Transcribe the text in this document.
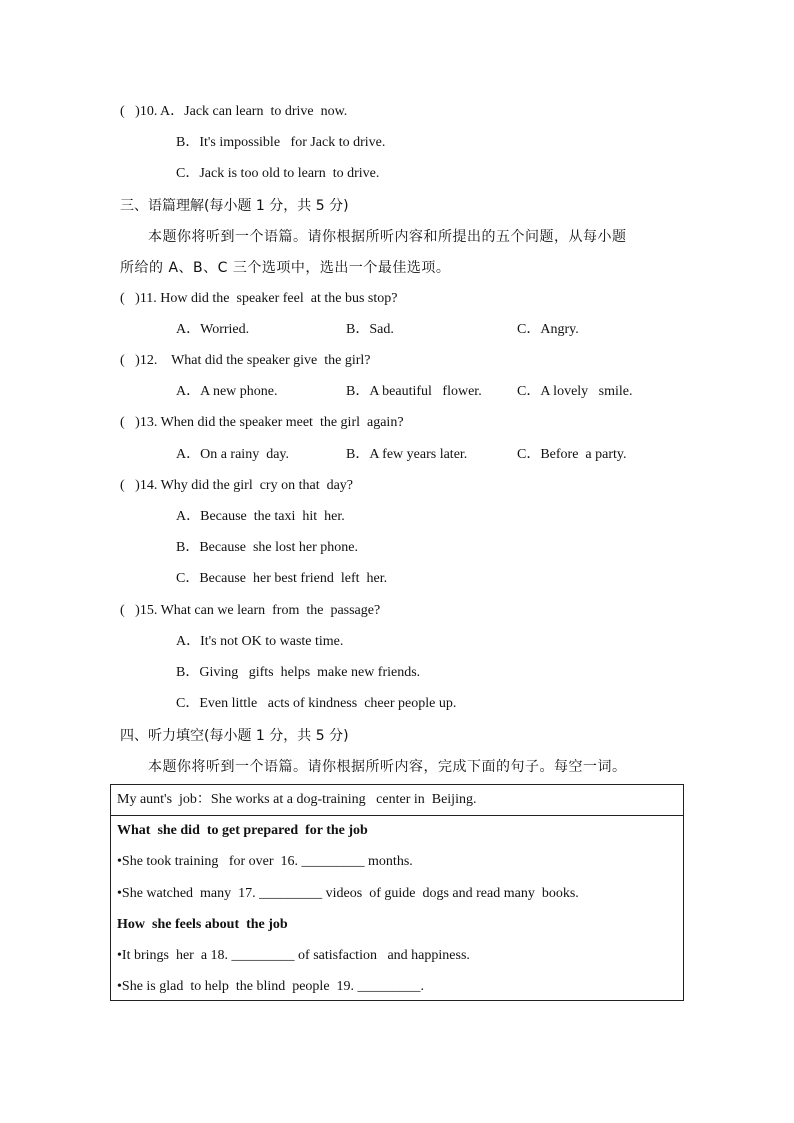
(   )10. A．Jack can learn  to drive  now.
B．It's impossible   for Jack to drive.
C．Jack is too old to learn  to drive.
三、语篇理解(每小题 1 分，共 5 分)
本题你将听到一个语篇。请你根据所听内容和所提出的五个问题，从每小题
所给的 A、B、C 三个选项中，选出一个最佳选项。
(   )11. How did the  speaker feel  at the bus stop?
A．Worried.	B．Sad.	C．Angry.
(   )12.    What did the speaker give  the girl?
A．A new phone.	B．A beautiful   flower.	C．A lovely   smile.
(   )13. When did the speaker meet  the girl  again?
A．On a rainy  day.	B．A few years later.	C．Before  a party.
(   )14. Why did the girl  cry on that  day?
A．Because  the taxi  hit  her.
B．Because  she lost her phone.
C．Because  her best friend  left  her.
(   )15. What can we learn  from  the  passage?
A．It's not OK to waste time.
B．Giving   gifts  helps  make new friends.
C．Even little   acts of kindness  cheer people up.
四、听力填空(每小题 1 分，共 5 分)
本题你将听到一个语篇。请你根据所听内容，完成下面的句子。每空一词。
My aunt's  job：She works at a dog-training   center in  Beijing.
What  she did  to get prepared  for the job
•She took training   for over  16. _________ months.
•She watched  many  17. _________ videos  of guide  dogs and read many  books.
How  she feels about  the job
•It brings  her  a 18. _________ of satisfaction   and happiness.
•She is glad  to help  the blind  people  19. _________.
